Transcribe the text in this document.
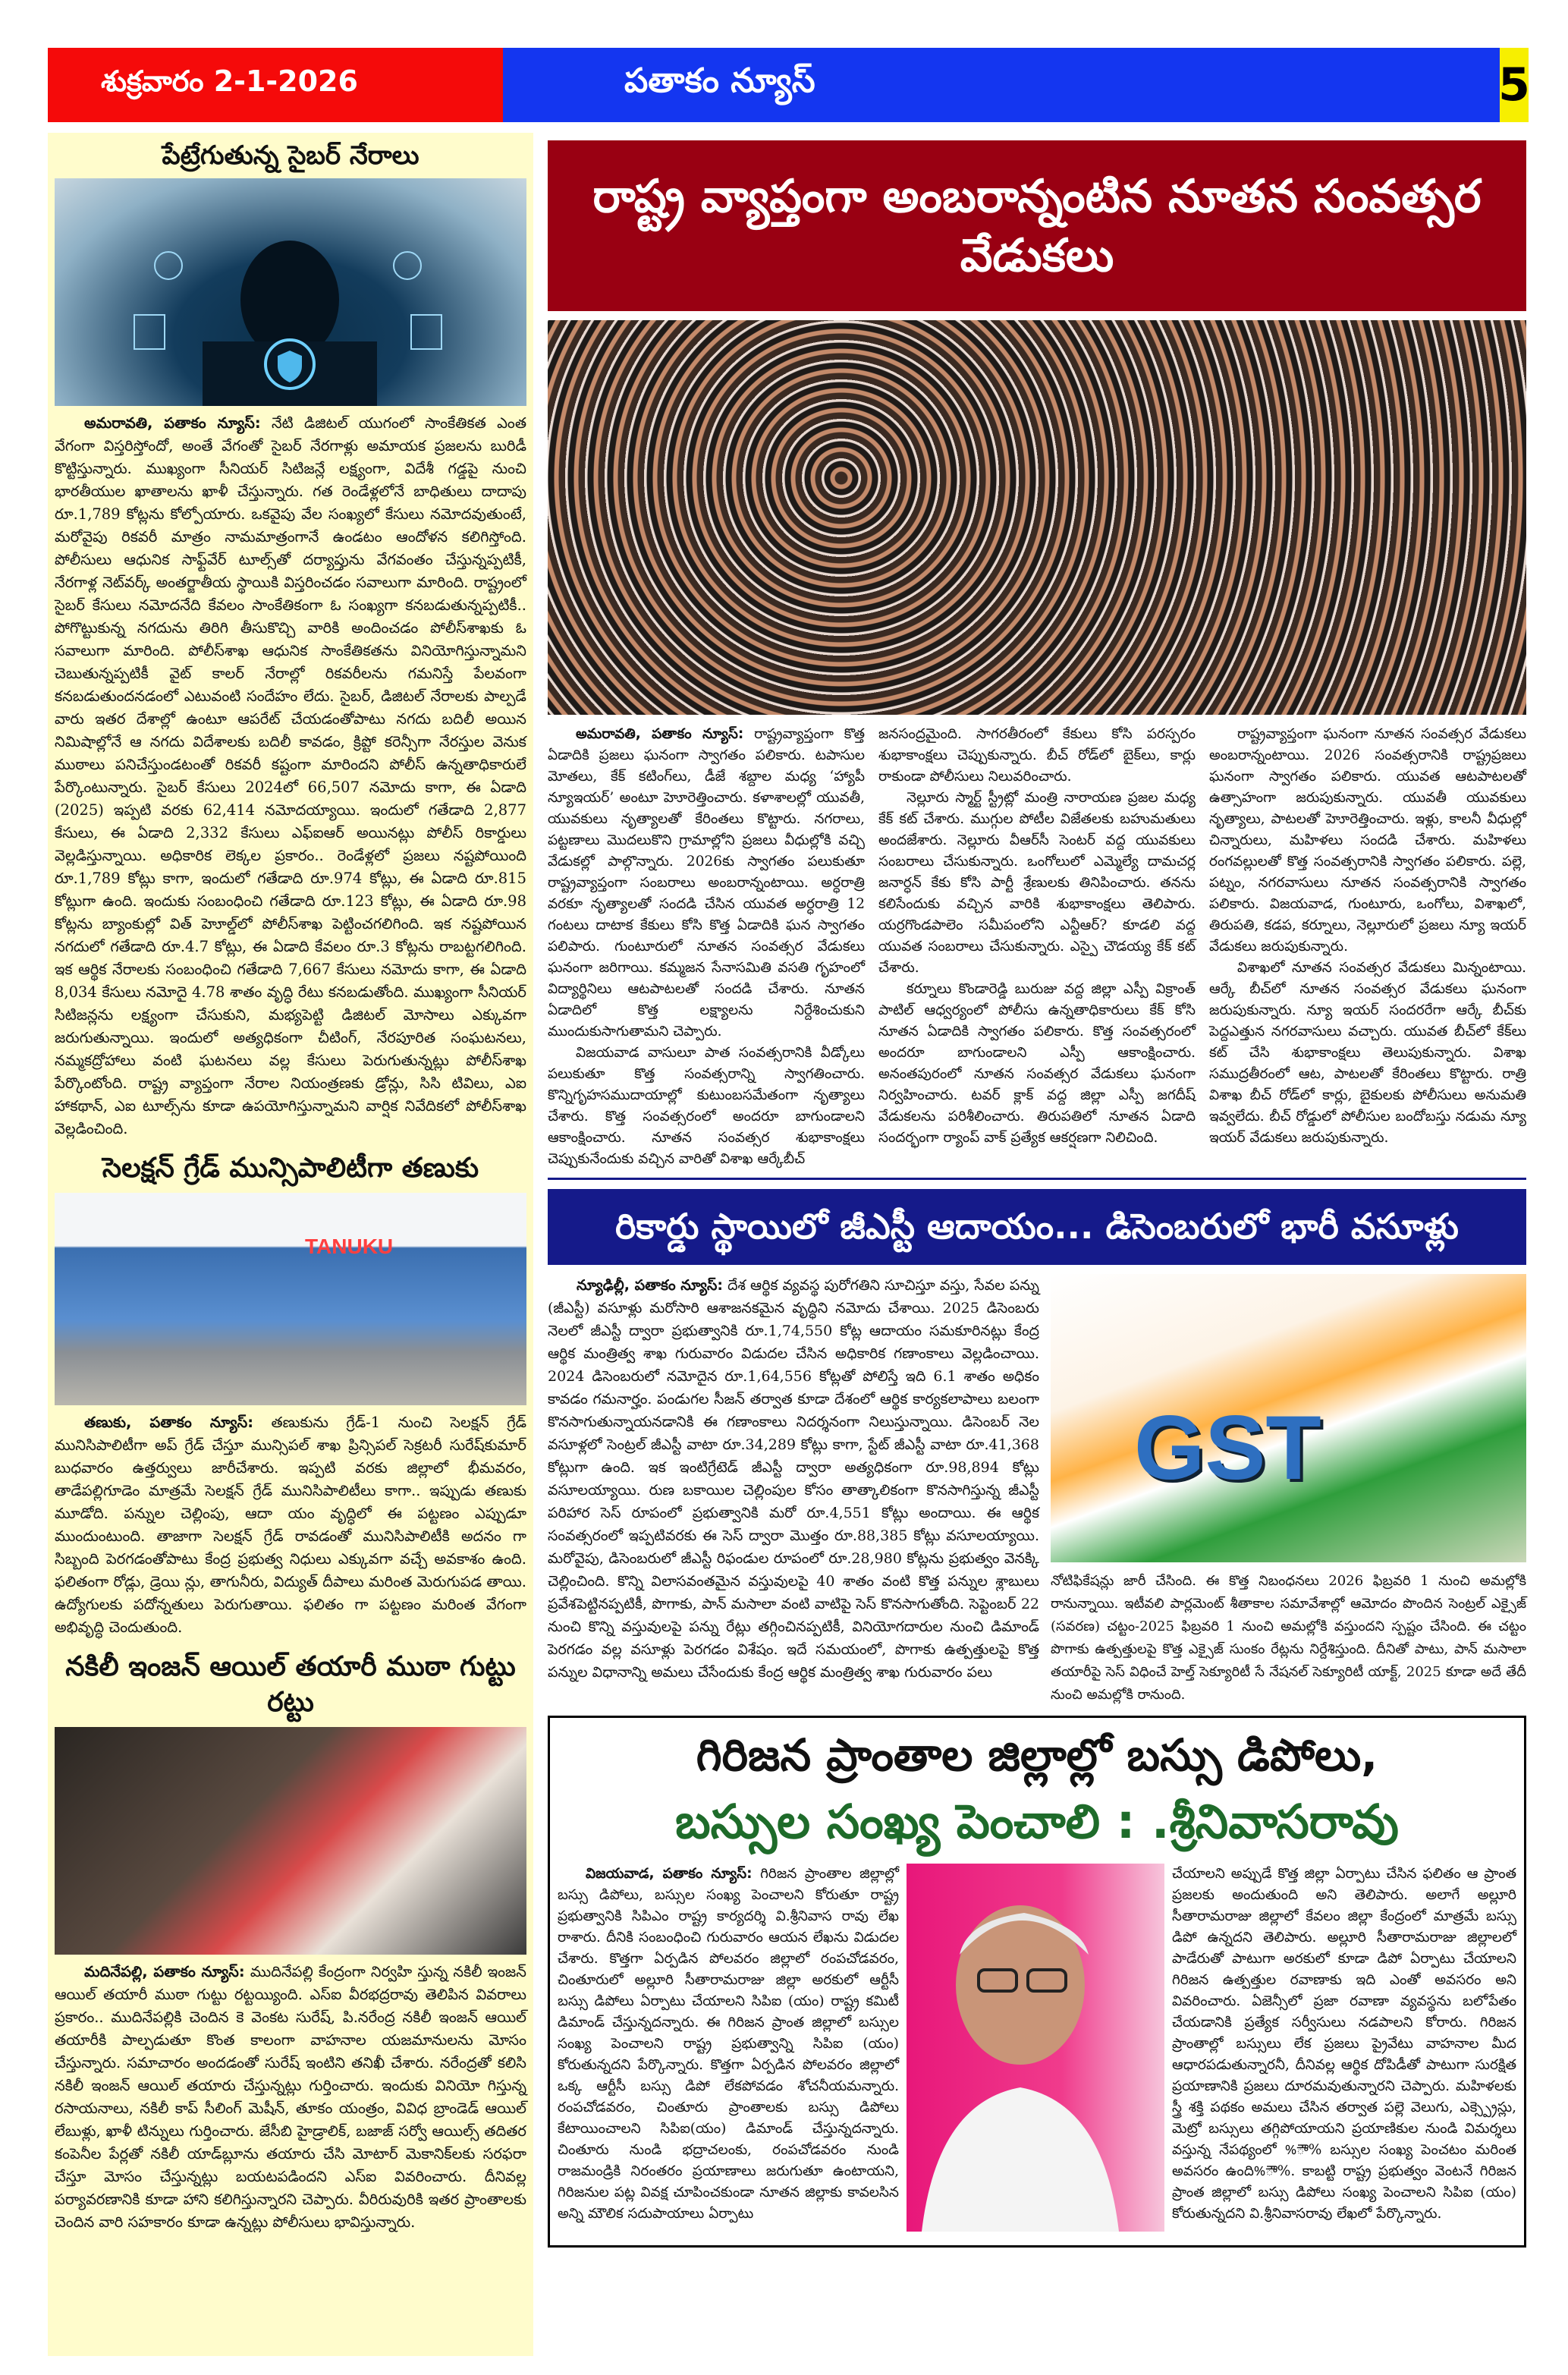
శుక్రవారం 2-1-2026	పతాకం న్యూస్	5
పేట్రేగుతున్న సైబర్ నేరాలు

అమరావతి, పతాకం న్యూస్: నేటి డిజిటల్ యుగంలో సాంకేతికత ఎంత వేగంగా విస్తరిస్తోందో, అంతే వేగంతో సైబర్ నేరగాళ్లు అమాయక ప్రజలను బురిడీ కొట్టిస్తున్నారు. ముఖ్యంగా సీనియర్ సిటిజన్లే లక్ష్యంగా, విదేశీ గడ్డపై నుంచి భారతీయుల ఖాతాలను ఖాళీ చేస్తున్నారు. గత రెండేళ్లలోనే బాధితులు దాదాపు రూ.1,789 కోట్లను కోల్పోయారు. ఒకవైపు వేల సంఖ్యలో కేసులు నమోదవుతుంటే, మరోవైపు రికవరీ మాత్రం నామమాత్రంగానే ఉండటం ఆందోళన కలిగిస్తోంది. పోలీసులు ఆధునిక సాఫ్ట్‌వేర్ టూల్స్‌తో దర్యాప్తును వేగవంతం చేస్తున్నప్పటికీ, నేరగాళ్ల నెట్‌వర్క్ అంతర్జాతీయ స్థాయికి విస్తరించడం సవాలుగా మారింది. రాష్ట్రంలో సైబర్ కేసులు నమోదనేది కేవలం సాంకేతికంగా ఓ సంఖ్యగా కనబడుతున్నప్పటికీ.. పోగొట్టుకున్న నగదును తిరిగి తీసుకొచ్చి వారికి అందించడం పోలీస్‌శాఖకు ఓ సవాలుగా మారింది. పోలీస్‌శాఖ ఆధునిక సాంకేతికతను వినియోగిస్తున్నామని చెబుతున్నప్పటికీ వైట్ కాలర్ నేరాల్లో రికవరీలను గమనిస్తే పేలవంగా కనబడుతుందనడంలో ఎటువంటి సందేహం లేదు. సైబర్, డిజిటల్ నేరాలకు పాల్పడే వారు ఇతర దేశాల్లో ఉంటూ ఆపరేట్ చేయడంతోపాటు నగదు బదిలీ అయిన నిమిషాల్లోనే ఆ నగదు విదేశాలకు బదిలీ కావడం, క్రిప్టో కరెన్సీగా నేరస్తుల వెనుక ముఠాలు పనిచేస్తుండటంతో రికవరీ కష్టంగా మారిందని పోలీస్ ఉన్నతాధికారులే పేర్కొంటున్నారు. సైబర్ కేసులు 2024లో 66,507 నమోదు కాగా, ఈ ఏడాది (2025) ఇప్పటి వరకు 62,414 నమోదయ్యాయి. ఇందులో గతేడాది 2,877 కేసులు, ఈ ఏడాది 2,332 కేసులు ఎఫ్ఐఆర్ అయినట్లు పోలీస్ రికార్డులు వెల్లడిస్తున్నాయి. అధికారిక లెక్కల ప్రకారం.. రెండేళ్లలో ప్రజలు నష్టపోయింది రూ.1,789 కోట్లు కాగా, ఇందులో గతేడాది రూ.974 కోట్లు, ఈ ఏడాది రూ.815 కోట్లుగా ఉంది. ఇందుకు సంబంధించి గతేడాది రూ.123 కోట్లు, ఈ ఏడాది రూ.98 కోట్లను బ్యాంకుల్లో విత్ హెూల్డ్‌లో పోలీస్‌శాఖ పెట్టించగలిగింది. ఇక నష్టపోయిన నగదులో గతేడాది రూ.4.7 కోట్లు, ఈ ఏడాది కేవలం రూ.3 కోట్లను రాబట్టగలిగింది. ఇక ఆర్థిక నేరాలకు సంబంధించి గతేడాది 7,667 కేసులు నమోదు కాగా, ఈ ఏడాది 8,034 కేసులు నమోదై 4.78 శాతం వృద్ధి రేటు కనబడుతోంది. ముఖ్యంగా సీనియర్ సిటిజన్లను లక్ష్యంగా చేసుకుని, మభ్యపెట్టి డిజిటల్ మోసాలు ఎక్కువగా జరుగుతున్నాయి. ఇందులో అత్యధికంగా చీటింగ్, నేరపూరిత సంఘటనలు, నమ్మకద్రోహాలు వంటి ఘటనలు వల్ల కేసులు పెరుగుతున్నట్లు పోలీస్‌శాఖ పేర్కొంటోంది. రాష్ట్ర వ్యాప్తంగా నేరాల నియంత్రణకు డ్రోన్లు, సిసి టివిలు, ఎఐ హాకథాన్, ఎఐ టూల్స్‌ను కూడా ఉపయోగిస్తున్నామని వార్షిక నివేదికలో పోలీస్‌శాఖ వెల్లడించింది.

సెలక్షన్ గ్రేడ్ మున్సిపాలిటీగా తణుకు
TANUKU

తణుకు, పతాకం న్యూస్: తణుకును గ్రేడ్-1 నుంచి సెలక్షన్ గ్రేడ్ మునిసిపాలిటీగా అప్ గ్రేడ్ చేస్తూ మున్సిపల్ శాఖ ప్రిన్సిపల్ సెక్రటరీ సురేష్‌కుమార్ బుధవారం ఉత్తర్వులు జారీచేశారు. ఇప్పటి వరకు జిల్లాలో భీమవరం, తాడేపల్లిగూడెం మాత్రమే సెలక్షన్ గ్రేడ్ మునిసిపాలిటీలు కాగా.. ఇప్పుడు తణుకు మూడోది. పన్నుల చెల్లింపు, ఆదా యం వృద్ధిలో ఈ పట్టణం ఎప్పుడూ ముందుంటుంది. తాజాగా సెలక్షన్ గ్రేడ్ రావడంతో మునిసిపాలిటీకి అదనం గా సిబ్బంది పెరగడంతోపాటు కేంద్ర ప్రభుత్వ నిధులు ఎక్కువగా వచ్చే అవకాశం ఉంది. ఫలితంగా రోడ్లు, డ్రెయి న్లు, తాగునీరు, విద్యుత్ దీపాలు మరింత మెరుగుపడ తాయి. ఉద్యోగులకు పదోన్నతులు పెరుగుతాయి. ఫలితం గా పట్టణం మరింత వేగంగా అభివృద్ధి చెందుతుంది.

నకిలీ ఇంజన్ ఆయిల్ తయారీ ముఠా గుట్టు రట్టు

మదినేపల్లి, పతాకం న్యూస్: ముదినేపల్లి కేంద్రంగా నిర్వహి స్తున్న నకిలీ ఇంజన్ ఆయిల్ తయారీ ముఠా గుట్టు రట్టయ్యింది. ఎస్ఐ వీరభద్రరావు తెలిపిన వివరాలు ప్రకారం.. ముదినేపల్లికి చెందిన కె వెంకట సురేష్, పి.నరేంద్ర నకిలీ ఇంజన్ ఆయిల్ తయారీకి పాల్పడుతూ కొంత కాలంగా వాహనాల యజమానులను మోసం చేస్తున్నారు. సమాచారం అందడంతో సురేష్ ఇంటిని తనిఖీ చేశారు. నరేంద్రతో కలిసి నకిలీ ఇంజన్ ఆయిల్ తయారు చేస్తున్నట్లు గుర్తించారు. ఇందుకు వినియో గిస్తున్న రసాయనాలు, నకిలీ కాప్ సీలింగ్ మెషీన్, తూకం యంత్రం, వివిధ బ్రాండెడ్ ఆయిల్ లేబుళ్లు, ఖాళీ టిన్నులు గుర్తించారు. జేసీబి హైడ్రాలిక్, బజాజ్ సర్వో ఆయిల్స్ తదితర కంపెనీల పేర్లతో నకిలీ యాడ్‌బ్లూను తయారు చేసి మోటార్ మెకానిక్‌లకు సరఫరా చేస్తూ మోసం చేస్తున్నట్లు బయటపడిందని ఎస్ఐ వివరించారు. దీనివల్ల పర్యావరణానికి కూడా హాని కలిగిస్తున్నారని చెప్పారు. వీరిరువురికి ఇతర ప్రాంతాలకు చెందిన వారి సహకారం కూడా ఉన్నట్లు పోలీసులు భావిస్తున్నారు.

రాష్ట్ర వ్యాప్తంగా అంబరాన్నంటిన నూతన సంవత్సర వేడుకలు

అమరావతి, పతాకం న్యూస్: రాష్ట్రవ్యాప్తంగా కొత్త ఏడాదికి ప్రజలు ఘనంగా స్వాగతం పలికారు. టపాసుల మోతలు, కేక్ కటింగ్‌లు, డీజే శబ్దాల మధ్య ‘హ్యాపీ న్యూఇయర్’ అంటూ హెూరెత్తించారు. కళాశాలల్లో యువతీ, యువకులు నృత్యాలతో కేరింతలు కొట్టారు. నగరాలు, పట్టణాలు మొదలుకొని గ్రామాల్లోని ప్రజలు వీధుల్లోకి వచ్చి వేడుకల్లో పాల్గొన్నారు. 2026కు స్వాగతం పలుకుతూ రాష్ట్రవ్యాప్తంగా సంబరాలు అంబరాన్నంటాయి. అర్ధరాత్రి వరకూ నృత్యాలతో సందడి చేసిన యువత అర్ధరాత్రి 12 గంటలు దాటాక కేకులు కోసి కొత్త ఏడాదికి ఘన స్వాగతం పలిపారు. గుంటూరులో నూతన సంవత్సర వేడుకలు ఘనంగా జరిగాయి. కమ్మజన సేనాసమితి వసతి గృహంలో విద్యార్థినిలు ఆటపాటలతో సందడి చేశారు. నూతన ఏడాదిలో కొత్త లక్ష్యాలను నిర్దేశించుకుని ముందుకుసాగుతామని చెప్పారు.

విజయవాడ వాసులూ పాత సంవత్సరానికి వీడ్కోలు పలుకుతూ కొత్త సంవత్సరాన్ని స్వాగతించారు. కొన్నిగృహసముదాయాల్లో కుటుంబసమేతంగా నృత్యాలు చేశారు. కొత్త సంవత్సరంలో అందరూ బాగుండాలని ఆకాంక్షించారు. నూతన సంవత్సర శుభాకాంక్షలు చెప్పుకునేందుకు వచ్చిన వారితో విశాఖ ఆర్కేబీచ్

జనసంద్రమైంది. సాగరతీరంలో కేకులు కోసి పరస్పరం శుభాకాంక్షలు చెప్పుకున్నారు. బీచ్ రోడ్‌లో బైక్‌లు, కార్లు రాకుండా పోలీసులు నిలువరించారు.

నెల్లూరు స్మార్ట్ స్ట్రీట్లో మంత్రి నారాయణ ప్రజల మధ్య కేక్ కట్ చేశారు. ముగ్గుల పోటీల విజేతలకు బహుమతులు అందజేశారు. నెల్లూరు వీఆర్‌సీ సెంటర్ వద్ద యువకులు సంబరాలు చేసుకున్నారు. ఒంగోలులో ఎమ్మెల్యే దామచర్ల జనార్ధన్ కేకు కోసి పార్టీ శ్రేణులకు తినిపించారు. తనను కలిసేందుకు వచ్చిన వారికి శుభాకాంక్షలు తెలిపారు. యర్రగొండపాలెం సమీపంలోని ఎన్టీఆర్? కూడలి వద్ద యువత సంబరాలు చేసుకున్నారు. ఎస్పై చౌడయ్య కేక్ కట్ చేశారు.

కర్నూలు కొండారెడ్డి బురుజు వద్ద జిల్లా ఎస్పీ విక్రాంత్ పాటిల్ ఆధ్వర్యంలో పోలీసు ఉన్నతాధికారులు కేక్ కోసి నూతన ఏడాదికి స్వాగతం పలికారు. కొత్త సంవత్సరంలో అందరూ బాగుండాలని ఎస్పీ ఆకాంక్షించారు. అనంతపురంలో నూతన సంవత్సర వేడుకలు ఘనంగా నిర్వహించారు. టవర్ క్లాక్ వద్ద జిల్లా ఎస్పీ జగదీష్ వేడుకలను పరిశీలించారు. తిరుపతిలో నూతన ఏడాది సందర్భంగా ర్యాంప్ వాక్ ప్రత్యేక ఆకర్షణగా నిలిచింది.

రాష్ట్రవ్యాప్తంగా ఘనంగా నూతన సంవత్సర వేడుకలు అంబరాన్నంటాయి. 2026 సంవత్సరానికి రాష్ట్రప్రజలు ఘనంగా స్వాగతం పలికారు. యువత ఆటపాటలతో ఉత్సాహంగా జరుపుకున్నారు. యువతీ యువకులు నృత్యాలు, పాటలతో హెూరెత్తించారు. ఇళ్లు, కాలనీ వీధుల్లో చిన్నారులు, మహిళలు సందడి చేశారు. మహిళలు రంగవల్లులతో కొత్త సంవత్సరానికి స్వాగతం పలికారు. పల్లె, పట్నం, నగరవాసులు నూతన సంవత్సరానికి స్వాగతం పలికారు. విజయవాడ, గుంటూరు, ఒంగోలు, విశాఖలో, తిరుపతి, కడప, కర్నూలు, నెల్లూరులో ప్రజలు న్యూ ఇయర్ వేడుకలు జరుపుకున్నారు.

విశాఖలో నూతన సంవత్సర వేడుకలు మిన్నంటాయి. ఆర్కే బీచ్‌లో నూతన సంవత్సర వేడుకలు ఘనంగా జరుపుకున్నారు. న్యూ ఇయర్ సందరరేగా ఆర్కే బీచ్‌కు పెద్దఎత్తున నగరవాసులు వచ్చారు. యువత బీచ్‌లో కేక్‌లు కట్ చేసి శుభాకాంక్షలు తెలుపుకున్నారు. విశాఖ సముద్రతీరంలో ఆట, పాటలతో కేరింతలు కొట్టారు. రాత్రి విశాఖ బీచ్ రోడ్‌లో కార్లు, బైకులకు పోలీసులు అనుమతి ఇవ్వలేదు. బీచ్ రోడ్డులో పోలీసుల బందోబస్తు నడుమ న్యూ ఇయర్ వేడుకలు జరుపుకున్నారు.

రికార్డు స్థాయిలో జీఎస్టీ ఆదాయం... డిసెంబరులో భారీ వసూళ్లు

న్యూఢిల్లీ, పతాకం న్యూస్: దేశ ఆర్థిక వ్యవస్థ పురోగతిని సూచిస్తూ వస్తు, సేవల పన్ను (జీఎస్టీ) వసూళ్లు మరోసారి ఆశాజనకమైన వృద్ధిని నమోదు చేశాయి. 2025 డిసెంబరు నెలలో జీఎస్టీ ద్వారా ప్రభుత్వానికి రూ.1,74,550 కోట్ల ఆదాయం సమకూరినట్లు కేంద్ర ఆర్థిక మంత్రిత్వ శాఖ గురువారం విడుదల చేసిన అధికారిక గణాంకాలు వెల్లడించాయి. 2024 డిసెంబరులో నమోదైన రూ.1,64,556 కోట్లతో పోలిస్తే ఇది 6.1 శాతం అధికం కావడం గమనార్హం. పండుగల సీజన్ తర్వాత కూడా దేశంలో ఆర్థిక కార్యకలాపాలు బలంగా కొనసాగుతున్నాయనడానికి ఈ గణాంకాలు నిదర్శనంగా నిలుస్తున్నాయి. డిసెంబర్ నెల వసూళ్లలో సెంట్రల్ జీఎస్టీ వాటా రూ.34,289 కోట్లు కాగా, స్టేట్ జీఎస్టీ వాటా రూ.41,368 కోట్లుగా ఉంది. ఇక ఇంటిగ్రేటెడ్ జీఎస్టీ ద్వారా అత్యధికంగా రూ.98,894 కోట్లు వసూలయ్యాయి. రుణ బకాయిల చెల్లింపుల కోసం తాత్కాలికంగా కొనసాగిస్తున్న జీఎస్టీ పరిహార సెస్ రూపంలో ప్రభుత్వానికి మరో రూ.4,551 కోట్లు అందాయి. ఈ ఆర్థిక సంవత్సరంలో ఇప్పటివరకు ఈ సెస్ ద్వారా మొత్తం రూ.88,385 కోట్లు వసూలయ్యాయి. మరోవైపు, డిసెంబరులో జీఎస్టీ రిఫండుల రూపంలో రూ.28,980 కోట్లను ప్రభుత్వం వెనక్కి చెల్లించింది. కొన్ని విలాసవంతమైన వస్తువులపై 40 శాతం వంటి కొత్త పన్నుల శ్లాబులు ప్రవేశపెట్టినప్పటికీ, పొగాకు, పాన్ మసాలా వంటి వాటిపై సెస్ కొనసాగుతోంది. సెప్టెంబర్ 22 నుంచి కొన్ని వస్తువులపై పన్ను రేట్లు తగ్గించినప్పటికీ, వినియోగదారుల నుంచి డిమాండ్ పెరగడం వల్ల వసూళ్లు పెరగడం విశేషం. ఇదే సమయంలో, పొగాకు ఉత్పత్తులపై కొత్త పన్నుల విధానాన్ని అమలు చేసేందుకు కేంద్ర ఆర్థిక మంత్రిత్వ శాఖ గురువారం పలు

GST
నోటిఫికేషన్లు జారీ చేసింది. ఈ కొత్త నిబంధనలు 2026 ఫిబ్రవరి 1 నుంచి అమల్లోకి రానున్నాయి. ఇటీవలి పార్లమెంట్ శీతాకాల సమావేశాల్లో ఆమోదం పొందిన సెంట్రల్ ఎక్సైజ్ (సవరణ) చట్టం-2025 ఫిబ్రవరి 1 నుంచి అమల్లోకి వస్తుందని స్పష్టం చేసింది. ఈ చట్టం పొగాకు ఉత్పత్తులపై కొత్త ఎక్సైజ్ సుంకం రేట్లను నిర్దేశిస్తుంది. దీనితో పాటు, పాన్ మసాలా తయారీపై సెస్ విధించే హెల్త్ సెక్యూరిటీ సే నేషనల్ సెక్యూరిటీ యాక్ట్, 2025 కూడా అదే తేదీ నుంచి అమల్లోకి రానుంది.
గిరిజన ప్రాంతాల జిల్లాల్లో బస్సు డిపోలు,
బస్సుల సంఖ్య పెంచాలి : .శ్రీనివాసరావు

విజయవాడ, పతాకం న్యూస్: గిరిజన ప్రాంతాల జిల్లాల్లో బస్సు డిపోలు, బస్సుల సంఖ్య పెంచాలని కోరుతూ రాష్ట్ర ప్రభుత్వానికి సిపిఎం రాష్ట్ర కార్యదర్శి వి.శ్రీనివాస రావు లేఖ రాశారు. దీనికి సంబంధించి గురువారం ఆయన లేఖను విడుదల చేశారు. కొత్తగా ఏర్పడిన పోలవరం జిల్లాలో రంపచోడవరం, చింతూరులో అల్లూరి సీతారామరాజు జిల్లా అరకులో ఆర్టీసీ బస్సు డిపోలు ఏర్పాటు చేయాలని సిపిఐ (యం) రాష్ట్ర కమిటీ డిమాండ్ చేస్తున్నదన్నారు. ఈ గిరిజన ప్రాంత జిల్లాలో బస్సుల సంఖ్య పెంచాలని రాష్ట్ర ప్రభుత్వాన్ని సిపిఐ (యం) కోరుతున్నదని పేర్కొన్నారు. కొత్తగా ఏర్పడిన పోలవరం జిల్లాలో ఒక్క ఆర్టీసీ బస్సు డిపో లేకపోవడం శోచనీయమన్నారు. రంపచోడవరం, చింతూరు ప్రాంతాలకు బస్సు డిపోలు కేటాయించాలని సిపిఐ(యం) డిమాండ్ చేస్తున్నదన్నారు. చింతూరు నుండి భద్రాచలంకు, రంపచోడవరం నుండి రాజమండ్రికి నిరంతరం ప్రయాణాలు జరుగుతూ ఉంటాయని, గిరిజనుల పట్ల వివక్ష చూపించకుండా నూతన జిల్లాకు కావలసిన అన్ని మౌలిక సదుపాయాలు ఏర్పాటు

చేయాలని అప్పుడే కొత్త జిల్లా ఏర్పాటు చేసిన ఫలితం ఆ ప్రాంత ప్రజలకు అందుతుంది అని తెలిపారు. అలాగే అల్లూరి సీతారామరాజు జిల్లాలో కేవలం జిల్లా కేంద్రంలో మాత్రమే బస్సు డిపో ఉన్నదని తెలిపారు. అల్లూరి సీతారామరాజు జిల్లాలలో పాడేరుతో పాటుగా అరకులో కూడా డిపో ఏర్పాటు చేయాలని గిరిజన ఉత్పత్తుల రవాణాకు ఇది ఎంతో అవసరం అని వివరించారు. ఏజెన్సీలో ప్రజా రవాణా వ్యవస్థను బలోపేతం చేయడానికి ప్రత్యేక సర్వీసులు నడపాలని కోరారు. గిరిజన ప్రాంతాల్లో బస్సులు లేక ప్రజలు ప్రైవేటు వాహనాల మీద ఆధారపడుతున్నారనీ, దీనివల్ల ఆర్థిక దోపిడీతో పాటుగా సురక్షిత ప్రయాణానికి ప్రజలు దూరమవుతున్నారని చెప్పారు. మహిళలకు స్త్రీ శక్తి పథకం అమలు చేసిన తర్వాత పల్లె వెలుగు, ఎక్స్ప్రెస్లు, మెట్రో బస్సులు తగ్గిపోయాయని ప్రయాణికుల నుండి విమర్శలు వస్తున్న నేపథ్యంలో %ౌా% బస్సుల సంఖ్య పెంచటం మరింత అవసరం ఉంది%ౌా%. కాబట్టి రాష్ట్ర ప్రభుత్వం వెంటనే గిరిజన ప్రాంత జిల్లాలో బస్సు డిపోలు సంఖ్య పెంచాలని సిపిఐ (యం) కోరుతున్నదని వి.శ్రీనివాసరావు లేఖలో పేర్కొన్నారు.
